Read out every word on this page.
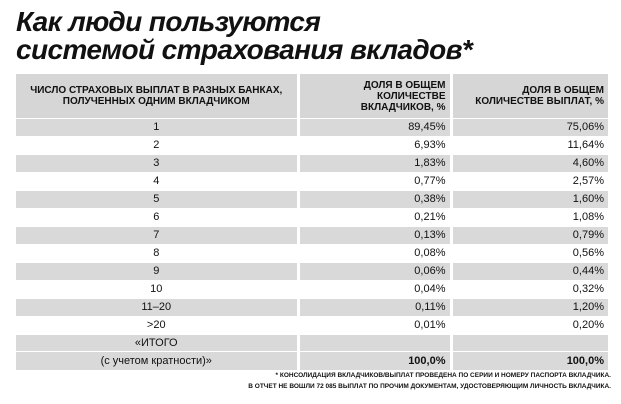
Как люди пользуются
системой страхования вкладов*
ЧИСЛО СТРАХОВЫХ ВЫПЛАТ В РАЗНЫХ БАНКАХ, ПОЛУЧЕННЫХ ОДНИМ ВКЛАДЧИКОМ	ДОЛЯ В ОБЩЕМ КОЛИЧЕСТВЕ ВКЛАДЧИКОВ, %	ДОЛЯ В ОБЩЕМ КОЛИЧЕСТВЕ ВЫПЛАТ, %
1	89,45%	75,06%
2	6,93%	11,64%
3	1,83%	4,60%
4	0,77%	2,57%
5	0,38%	1,60%
6	0,21%	1,08%
7	0,13%	0,79%
8	0,08%	0,56%
9	0,06%	0,44%
10	0,04%	0,32%
11–20	0,11%	1,20%
>20	0,01%	0,20%
«ИТОГО		
(с учетом кратности)»	100,0%	100,0%
* КОНСОЛИДАЦИЯ ВКЛАДЧИКОВ/ВЫПЛАТ ПРОВЕДЕНА ПО СЕРИИ И НОМЕРУ ПАСПОРТА ВКЛАДЧИКА.
В ОТЧЕТ НЕ ВОШЛИ 72 085 ВЫПЛАТ ПО ПРОЧИМ ДОКУМЕНТАМ, УДОСТОВЕРЯЮЩИМ ЛИЧНОСТЬ ВКЛАДЧИКА.
